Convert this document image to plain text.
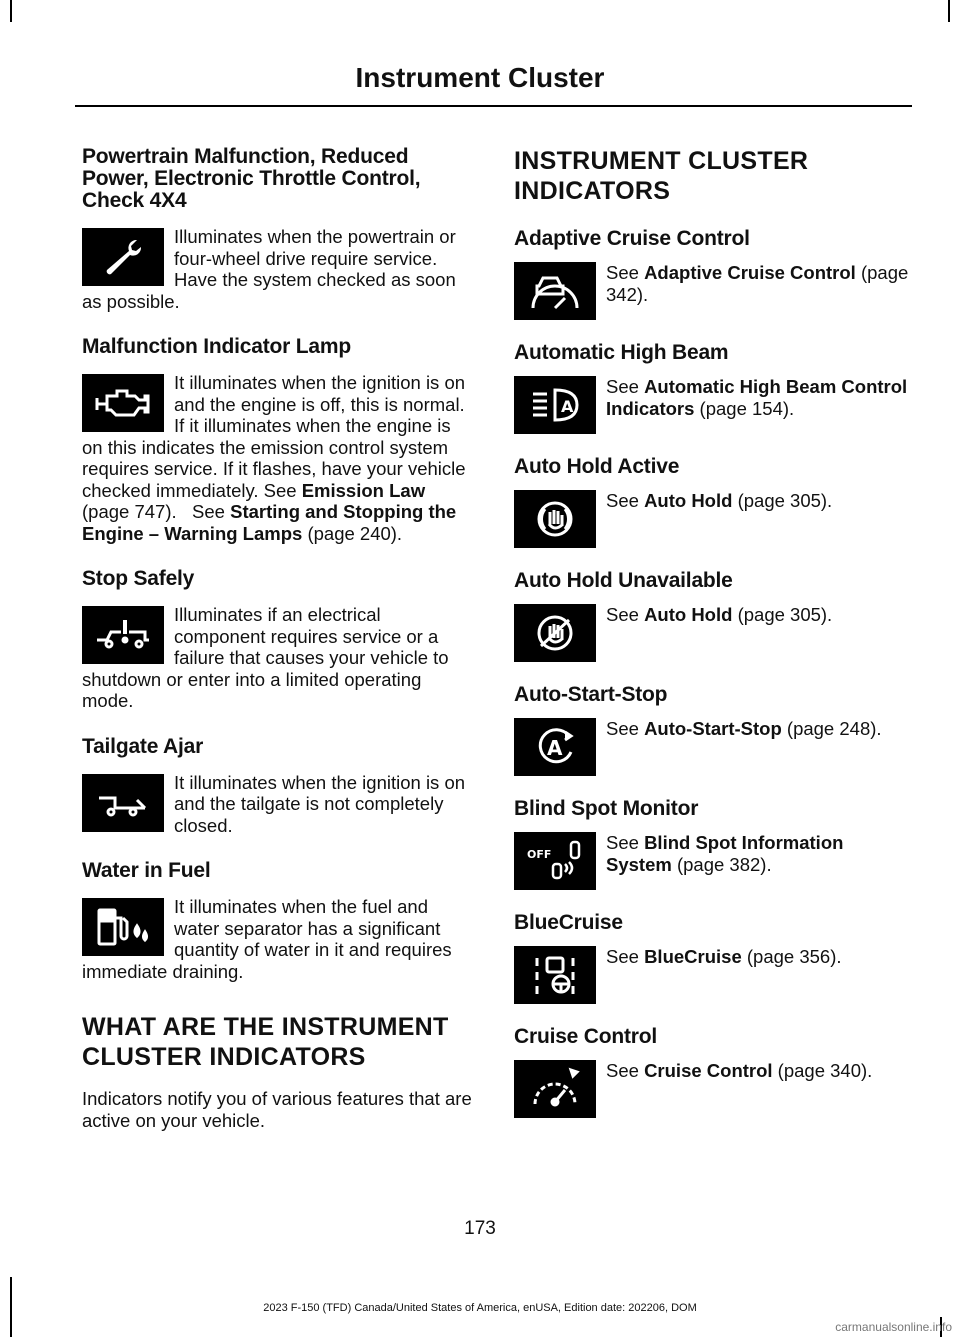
Instrument Cluster
Powertrain Malfunction, Reduced Power, Electronic Throttle Control, Check 4X4

Illuminates when the powertrain or four-wheel drive require service. Have the system checked as soon as possible.

Malfunction Indicator Lamp

It illuminates when the ignition is on and the engine is off, this is normal. If it illuminates when the engine is on this indicates the emission control system requires service. If it flashes, have your vehicle checked immediately. See Emission Law (page 747). See Starting and Stopping the Engine – Warning Lamps (page 240).

Stop Safely

Illuminates if an electrical component requires service or a failure that causes your vehicle to shutdown or enter into a limited operating mode.

Tailgate Ajar

It illuminates when the ignition is on and the tailgate is not completely closed.

Water in Fuel

It illuminates when the fuel and water separator has a significant quantity of water in it and requires immediate draining.

WHAT ARE THE INSTRUMENT CLUSTER INDICATORS

Indicators notify you of various features that are active on your vehicle.

INSTRUMENT CLUSTER INDICATORS
Adaptive Cruise Control

See Adaptive Cruise Control (page 342).

Automatic High Beam
A

See Automatic High Beam Control Indicators (page 154).

Auto Hold Active

See Auto Hold (page 305).

Auto Hold Unavailable

See Auto Hold (page 305).

Auto-Start-Stop
A

See Auto-Start-Stop (page 248).

Blind Spot Monitor
OFF

See Blind Spot Information System (page 382).

BlueCruise

See BlueCruise (page 356).

Cruise Control

See Cruise Control (page 340).

173
2023 F-150 (TFD) Canada/United States of America, enUSA, Edition date: 202206, DOM
carmanualsonline.info
